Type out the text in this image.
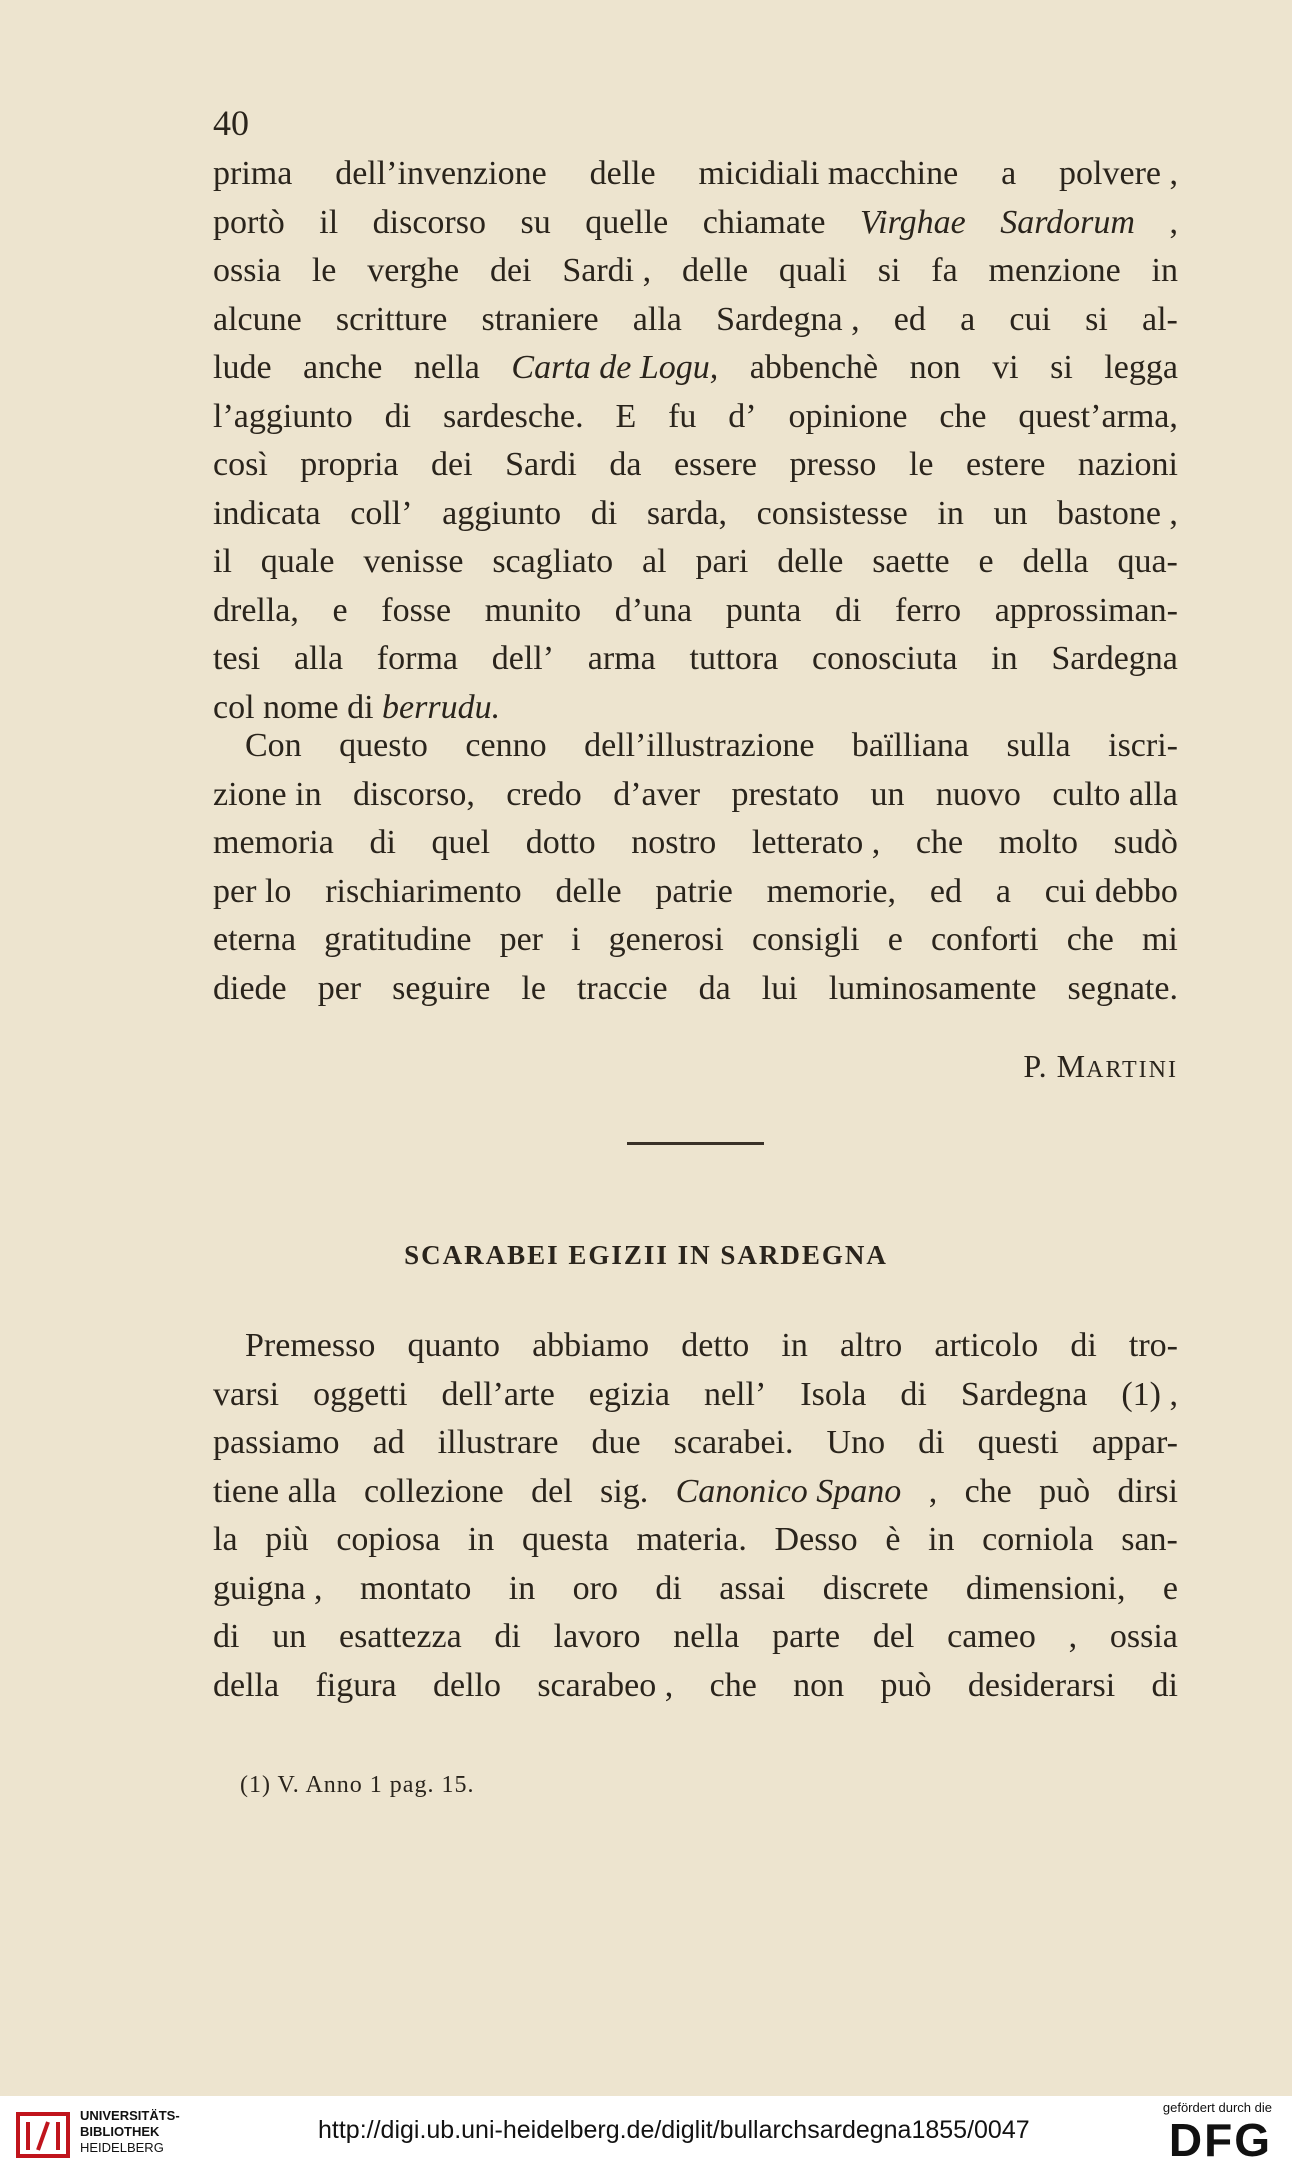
40
prima dell’invenzione delle micidiali macchine a polvere ,
portò il discorso su quelle chiamate Virghae Sardorum ,
ossia le verghe dei Sardi , delle quali si fa menzione in
alcune scritture straniere alla Sardegna , ed a cui si al-
lude anche nella Carta de Logu, abbenchè non vi si legga
l’aggiunto di sardesche. E fu d’ opinione che quest’arma,
così propria dei Sardi da essere presso le estere nazioni
indicata coll’ aggiunto di sarda, consistesse in un bastone ,
il quale venisse scagliato al pari delle saette e della qua-
drella, e fosse munito d’una punta di ferro approssiman-
tesi alla forma dell’ arma tuttora conosciuta in Sardegna
col nome di berrudu.
Con questo cenno dell’illustrazione baïlliana sulla iscri-
zione in discorso, credo d’aver prestato un nuovo culto alla
memoria di quel dotto nostro letterato , che molto sudò
per lo rischiarimento delle patrie memorie, ed a cui debbo
eterna gratitudine per i generosi consigli e conforti che mi
diede per seguire le traccie da lui luminosamente segnate.
P. MARTINI
SCARABEI EGIZII IN SARDEGNA
Premesso quanto abbiamo detto in altro articolo di tro-
varsi oggetti dell’arte egizia nell’ Isola di Sardegna (1) ,
passiamo ad illustrare due scarabei. Uno di questi appar-
tiene alla collezione del sig. Canonico Spano , che può dirsi
la più copiosa in questa materia. Desso è in corniola san-
guigna , montato in oro di assai discrete dimensioni, e
di un esattezza di lavoro nella parte del cameo , ossia
della figura dello scarabeo , che non può desiderarsi di
(1) V. Anno 1 pag. 15.
UNIVERSITÄTS-
BIBLIOTHEK
HEIDELBERG
http://digi.ub.uni-heidelberg.de/diglit/bullarchsardegna1855/0047
gefördert durch die
DFG
